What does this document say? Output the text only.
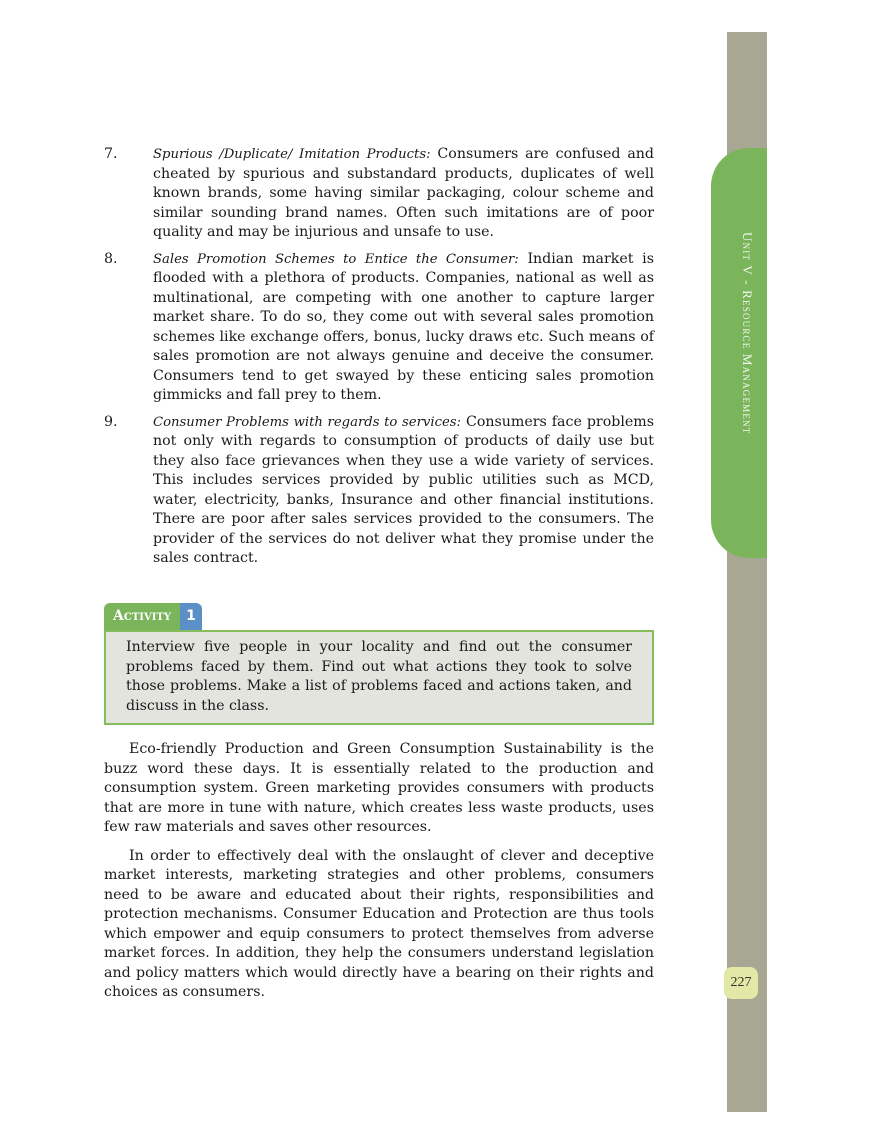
Unit V - Resource Management
227
7.	Spurious /Duplicate/ Imitation Products: Consumers are confused and cheated by spurious and substandard products, duplicates of well known brands, some having similar packaging, colour scheme and similar sounding brand names. Often such imitations are of poor quality and may be injurious and unsafe to use.
8.	Sales Promotion Schemes to Entice the Consumer: Indian market is flooded with a plethora of products. Companies, national as well as multinational, are competing with one another to capture larger market share. To do so, they come out with several sales promotion schemes like exchange offers, bonus, lucky draws etc. Such means of sales promotion are not always genuine and deceive the consumer. Consumers tend to get swayed by these enticing sales promotion gimmicks and fall prey to them.
9.	Consumer Problems with regards to services: Consumers face problems not only with regards to consumption of products of daily use but they also face grievances when they use a wide variety of services. This includes services provided by public utilities such as MCD, water, electricity, banks, Insurance and other financial institutions. There are poor after sales services provided to the consumers. The provider of the services do not deliver what they promise under the sales contract.
Activity	1
Interview five people in your locality and find out the consumer problems faced by them. Find out what actions they took to solve those problems. Make a list of problems faced and actions taken, and discuss in the class.

Eco-friendly Production and Green Consumption Sustainability is the buzz word these days. It is essentially related to the production and consumption system. Green marketing provides consumers with products that are more in tune with nature, which creates less waste products, uses few raw materials and saves other resources.

In order to effectively deal with the onslaught of clever and deceptive market interests, marketing strategies and other problems, consumers need to be aware and educated about their rights, responsibilities and protection mechanisms. Consumer Education and Protection are thus tools which empower and equip consumers to protect themselves from adverse market forces. In addition, they help the consumers understand legislation and policy matters which would directly have a bearing on their rights and choices as consumers.
